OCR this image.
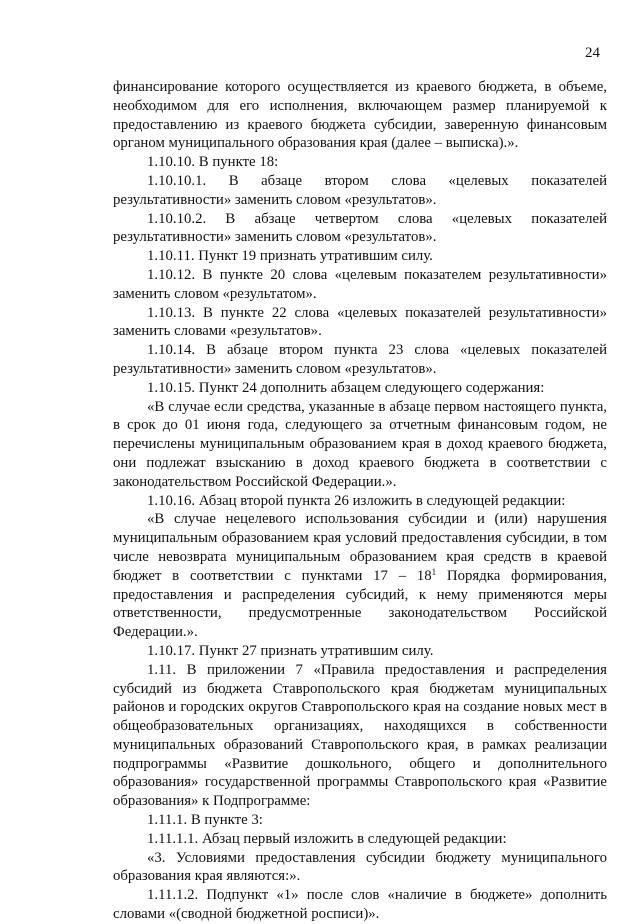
24

финансирование которого осуществляется из краевого бюджета, в объеме, необходимом для его исполнения, включающем размер планируемой к предоставлению из краевого бюджета субсидии, заверенную финансовым органом муниципального образования края (далее – выписка).».

1.10.10. В пункте 18:

1.10.10.1. В абзаце втором слова «целевых показателей результативности» заменить словом «результатов».

1.10.10.2. В абзаце четвертом слова «целевых показателей результативности» заменить словом «результатов».

1.10.11. Пункт 19 признать утратившим силу.

1.10.12. В пункте 20 слова «целевым показателем результативности» заменить словом «результатом».

1.10.13. В пункте 22 слова «целевых показателей результативности» заменить словами «результатов».

1.10.14. В абзаце втором пункта 23 слова «целевых показателей результативности» заменить словом «результатов».

1.10.15. Пункт 24 дополнить абзацем следующего содержания:

«В случае если средства, указанные в абзаце первом настоящего пункта, в срок до 01 июня года, следующего за отчетным финансовым годом, не перечислены муниципальным образованием края в доход краевого бюджета, они подлежат взысканию в доход краевого бюджета в соответствии с законодательством Российской Федерации.».

1.10.16. Абзац второй пункта 26 изложить в следующей редакции:

«В случае нецелевого использования субсидии и (или) нарушения муниципальным образованием края условий предоставления субсидии, в том числе невозврата муниципальным образованием края средств в краевой бюджет в соответствии с пунктами $17 - 18^1$ Порядка формирования, предоставления и распределения субсидий, к нему применяются меры ответственности, предусмотренные законодательством Российской Федерации.».

1.10.17. Пункт 27 признать утратившим силу.

1.11. В приложении 7 «Правила предоставления и распределения субсидий из бюджета Ставропольского края бюджетам муниципальных районов и городских округов Ставропольского края на создание новых мест в общеобразовательных организациях, находящихся в собственности муниципальных образований Ставропольского края, в рамках реализации подпрограммы «Развитие дошкольного, общего и дополнительного образования» государственной программы Ставропольского края «Развитие образования» к Подпрограмме:

1.11.1. В пункте 3:

1.11.1.1. Абзац первый изложить в следующей редакции:

«3. Условиями предоставления субсидии бюджету муниципального образования края являются:».

1.11.1.2. Подпункт «1» после слов «наличие в бюджете» дополнить словами «(сводной бюджетной росписи)».
